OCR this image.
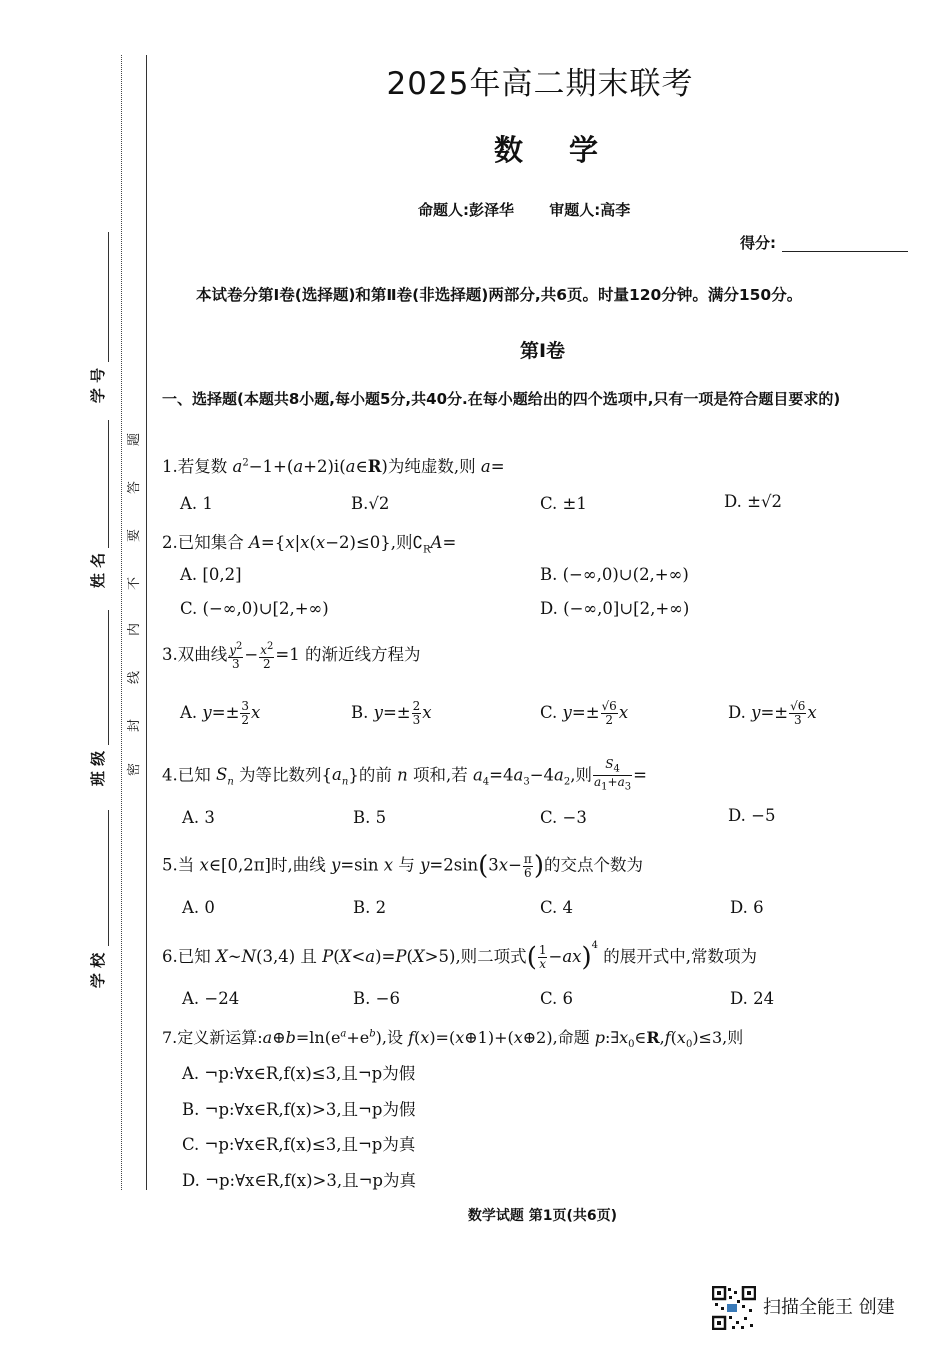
学 号
姓 名
班 级
学 校
题
答
要
不
内
线
封
密
2025年高二期末联考
数 学
命题人:彭泽华 审题人:高李
得分:
本试卷分第Ⅰ卷(选择题)和第Ⅱ卷(非选择题)两部分,共6页。时量120分钟。满分150分。
第Ⅰ卷
一、选择题(本题共8小题,每小题5分,共40分.在每小题给出的四个选项中,只有一项是符合题目要求的)
1.若复数 $a^2-1+(a+2)i(a\in R)$为纯虚数,则 a=
A. 1	B.√2	C. ±1	D. ±√2
2.已知集合 A={x|x(x−2)≤0},则$∁_RA=$
A. [0,2]	B. (−∞,0)∪(2,+∞)
C. (−∞,0)∪[2,+∞)	D. (−∞,0]∪[2,+∞)
3.双曲线 $\frac{y^2}{3} - \frac{x^2}{2} =1$ 的渐近线方程为
A. $y=\pm \frac{3}{2}$ x	B. $y=\pm \frac{2}{3}$ x	C. $y=\pm \frac{√6}{2}$ x	D. $y=\pm \frac{√6}{3}$ x
4.已知 $S_n$ 为等比数列$\{a_n\}$的前 n 项和,若 $a_4=4a_3-4a_2$,则 $\frac{S_4}{a_1+a_3}$ =
A. 3	B. 5	C. −3	D. −5
5.当 x∈[0,2π]时,曲线 y=sin x 与 $y=2\sin(3x- \frac{\pi}{6}$ )的交点个数为
A. 0	B. 2	C. 4	D. 6
6.已知 X∼N(3,4) 且 P(X<a)=P(X>5),则二项式( $\frac{1}{x} -ax)^4$ 的展开式中,常数项为
A. −24	B. −6	C. 6	D. 24
7.定义新运算$:a\oplus b=\ln(e^a+e^b)$,设 f(x)=(x⊕1)+(x⊕2),命题 $p:\exists x_0\in R,f(x_0)\le 3$,则
A. ¬p:∀x∈R,f(x)≤3,且¬p为假
B. ¬p:∀x∈R,f(x)>3,且¬p为假
C. ¬p:∀x∈R,f(x)≤3,且¬p为真
D. ¬p:∀x∈R,f(x)>3,且¬p为真
数学试题 第1页(共6页)
扫描全能王 创建
